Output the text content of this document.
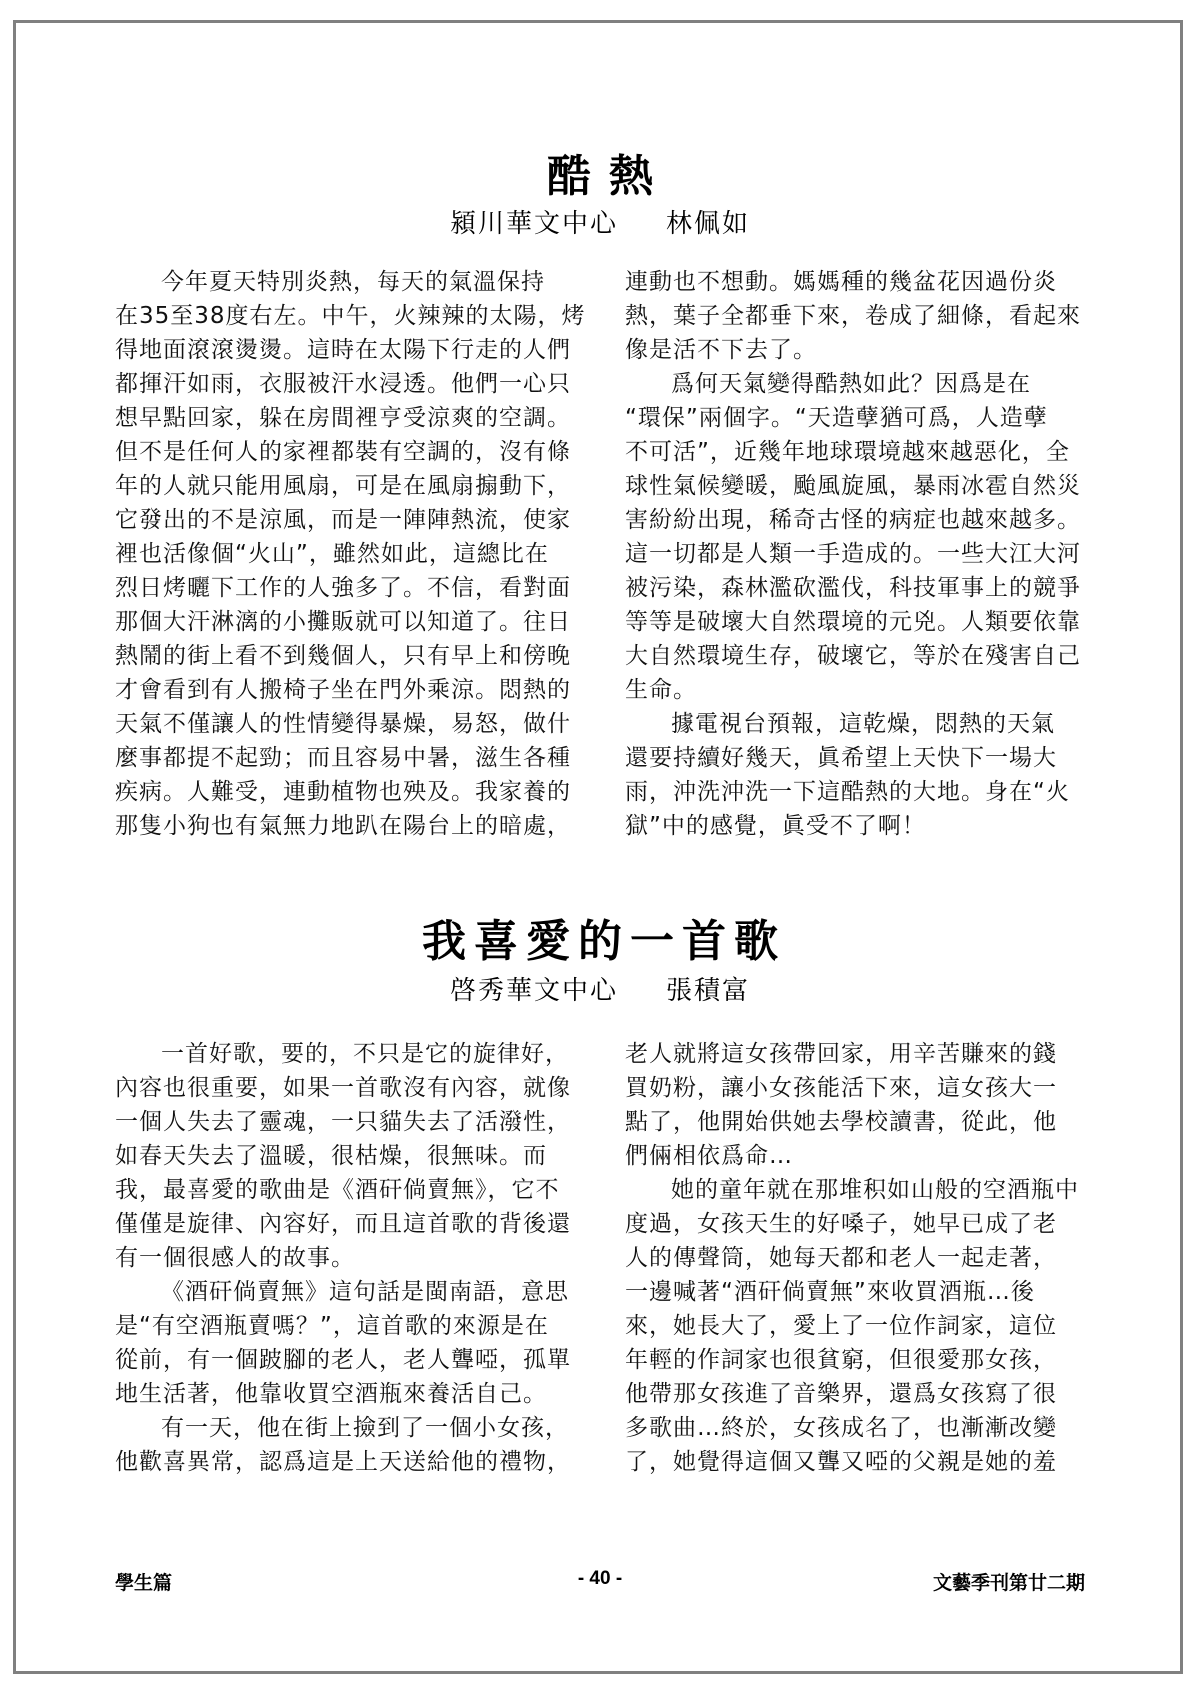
酷熱
潁川華文中心 林佩如
今年夏天特別炎熱，每天的氣溫保持
在35至38度右左。中午，火辣辣的太陽，烤
得地面滾滾燙燙。這時在太陽下行走的人們
都揮汗如雨，衣服被汗水浸透。他們一心只
想早點回家，躲在房間裡亨受涼爽的空調。
但不是任何人的家裡都裝有空調的，沒有條
年的人就只能用風扇，可是在風扇搧動下，
它發出的不是涼風，而是一陣陣熱流，使家
裡也活像個“火山”，雖然如此，這總比在
烈日烤曬下工作的人強多了。不信，看對面
那個大汗淋漓的小攤販就可以知道了。往日
熱鬧的街上看不到幾個人，只有早上和傍晚
才會看到有人搬椅子坐在門外乘涼。悶熱的
天氣不僅讓人的性情變得暴燥，易怒，做什
麼事都提不起勁；而且容易中暑，滋生各種
疾病。人難受，連動植物也殃及。我家養的
那隻小狗也有氣無力地趴在陽台上的暗處，
連動也不想動。媽媽種的幾盆花因過份炎
熱，葉子全都垂下來，卷成了細條，看起來
像是活不下去了。
爲何天氣變得酷熱如此？因爲是在
“環保”兩個字。“天造孽猶可爲，人造孽
不可活”，近幾年地球環境越來越惡化，全
球性氣候變暖，颱風旋風，暴雨冰雹自然災
害紛紛出現，稀奇古怪的病症也越來越多。
這一切都是人類一手造成的。一些大江大河
被污染，森林濫砍濫伐，科技軍事上的競爭
等等是破壞大自然環境的元兇。人類要依靠
大自然環境生存，破壞它，等於在殘害自己
生命。
據電視台預報，這乾燥，悶熱的天氣
還要持續好幾天，眞希望上天快下一場大
雨，沖洗沖洗一下這酷熱的大地。身在“火
獄”中的感覺，眞受不了啊！
我喜愛的一首歌
啓秀華文中心 張積富
一首好歌，要的，不只是它的旋律好，
內容也很重要，如果一首歌沒有內容，就像
一個人失去了靈魂，一只貓失去了活潑性，
如春天失去了溫暖，很枯燥，很無味。而
我，最喜愛的歌曲是《酒矸倘賣無》，它不
僅僅是旋律、內容好，而且這首歌的背後還
有一個很感人的故事。
《酒矸倘賣無》這句話是閩南語，意思
是“有空酒瓶賣嗎？”，這首歌的來源是在
從前，有一個跛腳的老人，老人聾啞，孤單
地生活著，他靠收買空酒瓶來養活自己。
有一天，他在街上撿到了一個小女孩，
他歡喜異常，認爲這是上天送給他的禮物，
老人就將這女孩帶回家，用辛苦賺來的錢
買奶粉，讓小女孩能活下來，這女孩大一
點了，他開始供她去學校讀書，從此，他
們倆相依爲命…
她的童年就在那堆积如山般的空酒瓶中
度過，女孩天生的好嗓子，她早已成了老
人的傳聲筒，她每天都和老人一起走著，
一邊喊著“酒矸倘賣無”來收買酒瓶…後
來，她長大了，愛上了一位作詞家，這位
年輕的作詞家也很貧窮，但很愛那女孩，
他帶那女孩進了音樂界，還爲女孩寫了很
多歌曲…終於，女孩成名了，也漸漸改變
了，她覺得這個又聾又啞的父親是她的羞
學生篇	- 40 -	文藝季刊第廿二期
